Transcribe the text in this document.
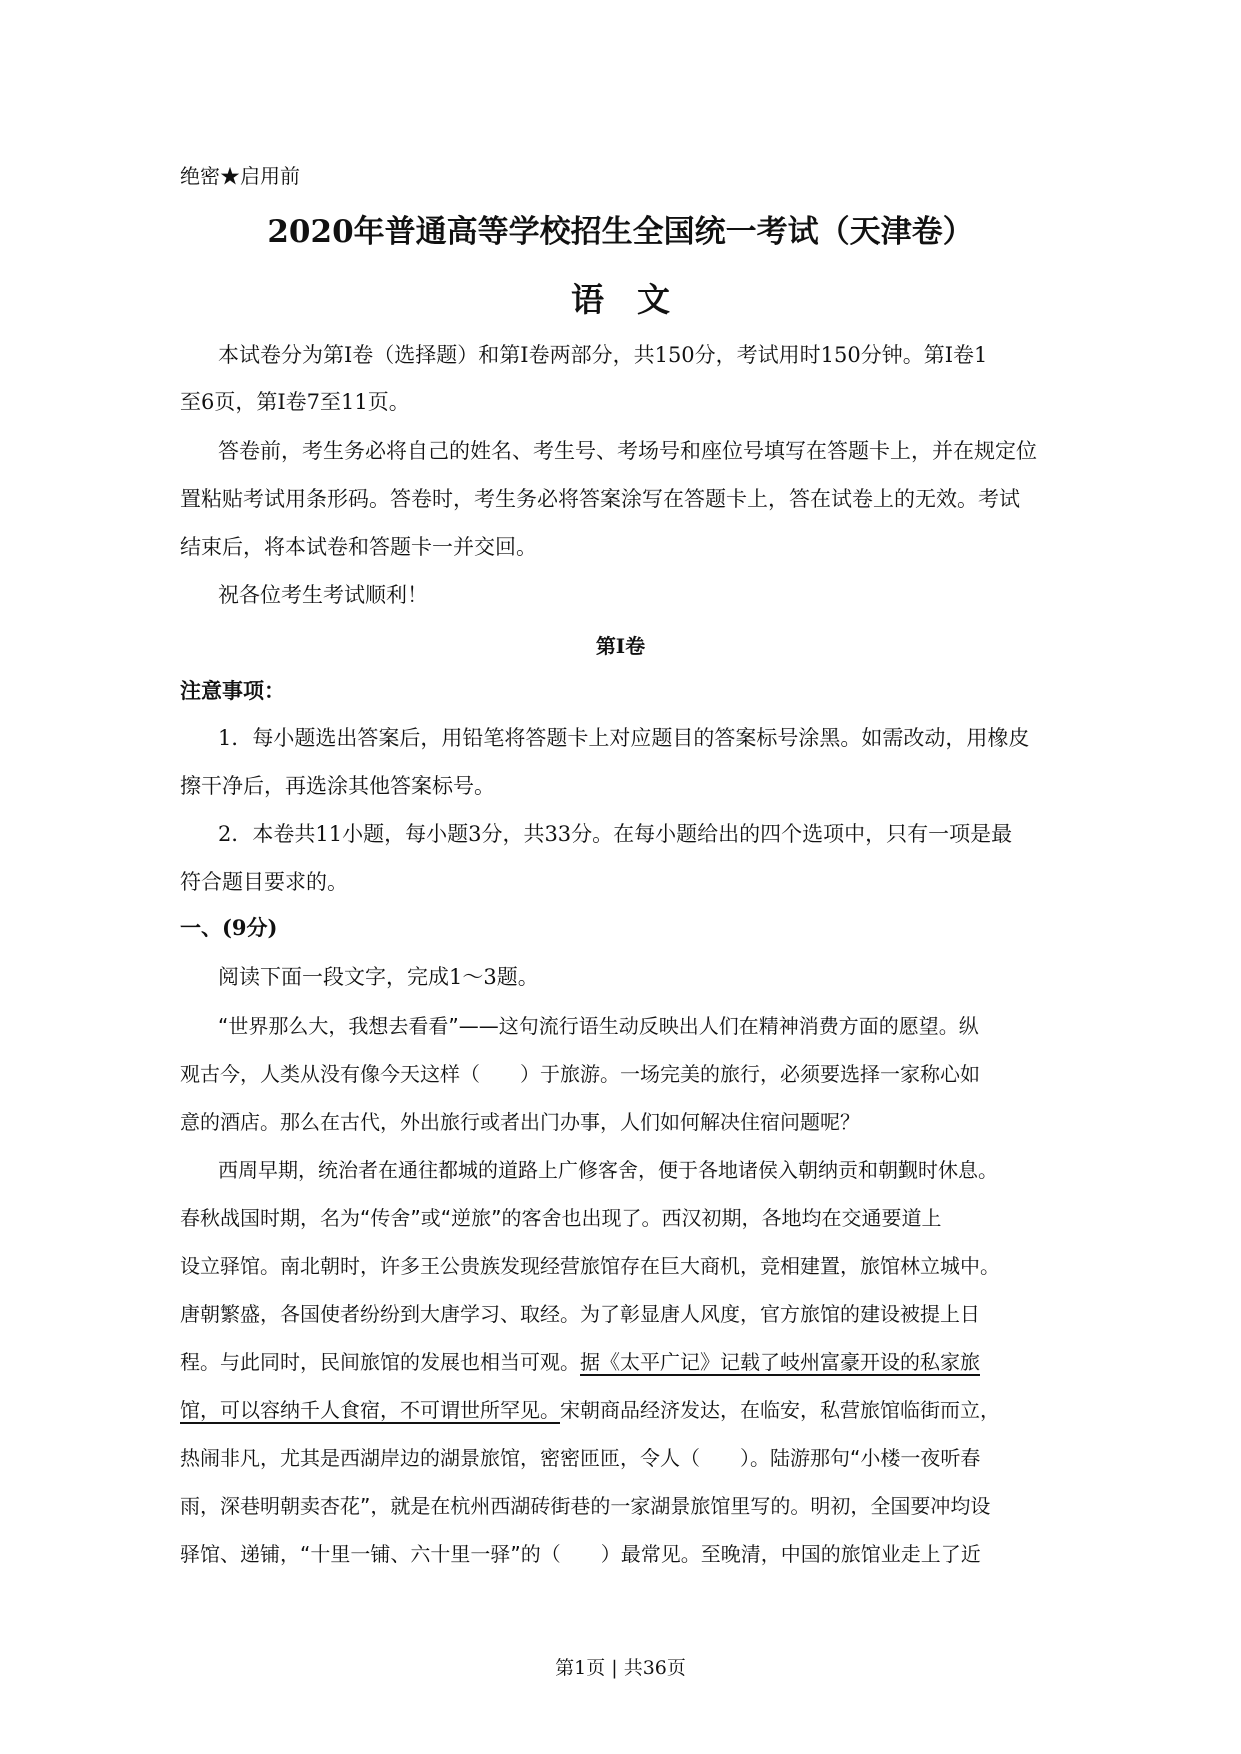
绝密★启用前
2020年普通高等学校招生全国统一考试（天津卷）
语　文
本试卷分为第I卷（选择题）和第I卷两部分，共150分，考试用时150分钟。第I卷1
至6页，第I卷7至11页。
答卷前，考生务必将自己的姓名、考生号、考场号和座位号填写在答题卡上，并在规定位
置粘贴考试用条形码。答卷时，考生务必将答案涂写在答题卡上，答在试卷上的无效。考试
结束后，将本试卷和答题卡一并交回。
祝各位考生考试顺利！
第I卷
注意事项：
1．每小题选出答案后，用铅笔将答题卡上对应题目的答案标号涂黑。如需改动，用橡皮
擦干净后，再选涂其他答案标号。
2．本卷共11小题，每小题3分，共33分。在每小题给出的四个选项中，只有一项是最
符合题目要求的。
一、(9分)
阅读下面一段文字，完成1～3题。
“世界那么大，我想去看看”——这句流行语生动反映出人们在精神消费方面的愿望。纵
观古今，人类从没有像今天这样（　　）于旅游。一场完美的旅行，必须要选择一家称心如
意的酒店。那么在古代，外出旅行或者出门办事，人们如何解决住宿问题呢？
西周早期，统治者在通往都城的道路上广修客舍，便于各地诸侯入朝纳贡和朝觐时休息。
春秋战国时期，名为“传舍”或“逆旅”的客舍也出现了。西汉初期，各地均在交通要道上
设立驿馆。南北朝时，许多王公贵族发现经营旅馆存在巨大商机，竞相建置，旅馆林立城中。
唐朝繁盛，各国使者纷纷到大唐学习、取经。为了彰显唐人风度，官方旅馆的建设被提上日
程。与此同时，民间旅馆的发展也相当可观。据《太平广记》记载了岐州富豪开设的私家旅
馆，可以容纳千人食宿，不可谓世所罕见。宋朝商品经济发达，在临安，私营旅馆临街而立，
热闹非凡，尤其是西湖岸边的湖景旅馆，密密匝匝，令人（　　）。陆游那句“小楼一夜听春
雨，深巷明朝卖杏花”，就是在杭州西湖砖街巷的一家湖景旅馆里写的。明初，全国要冲均设
驿馆、递铺，“十里一铺、六十里一驿”的（　　）最常见。至晚清，中国的旅馆业走上了近
第1页 | 共36页
